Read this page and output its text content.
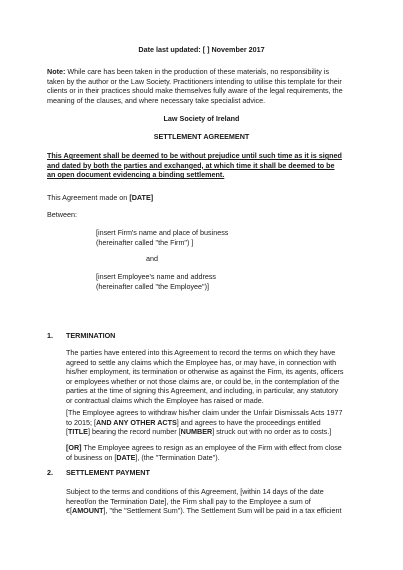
Date last updated: [ ] November 2017
Note: While care has been taken in the production of these materials, no responsibility is
taken by the author or the Law Society. Practitioners intending to utilise this template for their
clients or in their practices should make themselves fully aware of the legal requirements, the
meaning of the clauses, and where necessary take specialist advice.
Law Society of Ireland
SETTLEMENT AGREEMENT
This Agreement shall be deemed to be without prejudice until such time as it is signed
and dated by both the parties and exchanged, at which time it shall be deemed to be
an open document evidencing a binding settlement.
This Agreement made on [DATE]
Between:
[insert Firm's name and place of business
(hereinafter called "the Firm") ]
and
[insert Employee's name and address
(hereinafter called "the Employee")]
1. TERMINATION
The parties have entered into this Agreement to record the terms on which they have
agreed to settle any claims which the Employee has, or may have, in connection with
his/her employment, its termination or otherwise as against the Firm, its agents, officers
or employees whether or not those claims are, or could be, in the contemplation of the
parties at the time of signing this Agreement, and including, in particular, any statutory
or contractual claims which the Employee has raised or made.
[The Employee agrees to withdraw his/her claim under the Unfair Dismissals Acts 1977
to 2015; [AND ANY OTHER ACTS] and agrees to have the proceedings entitled
[TITLE] bearing the record number [NUMBER] struck out with no order as to costs.]
[OR] The Employee agrees to resign as an employee of the Firm with effect from close
of business on [DATE], (the "Termination Date").
2. SETTLEMENT PAYMENT
Subject to the terms and conditions of this Agreement, [within 14 days of the date
hereof/on the Termination Date], the Firm shall pay to the Employee a sum of
€[AMOUNT], "the "Settlement Sum"). The Settlement Sum will be paid in a tax efficient
